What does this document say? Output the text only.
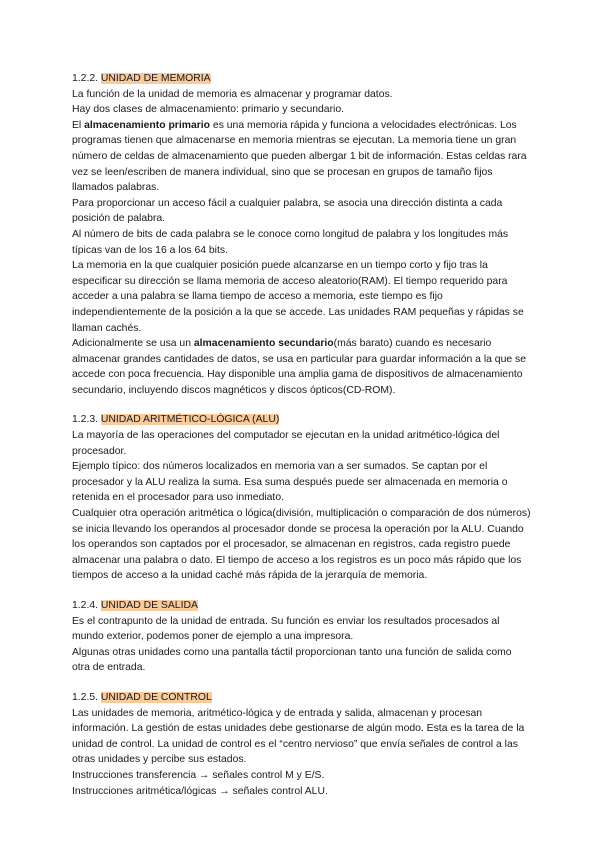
1.2.2. UNIDAD DE MEMORIA

La función de la unidad de memoria es almacenar y programar datos.

Hay dos clases de almacenamiento: primario y secundario.

El almacenamiento primario es una memoria rápida y funciona a velocidades electrónicas. Los programas tienen que almacenarse en memoria mientras se ejecutan. La memoria tiene un gran número de celdas de almacenamiento que pueden albergar 1 bit de información. Estas celdas rara vez se leen/escriben de manera individual, sino que se procesan en grupos de tamaño fijos llamados palabras.

Para proporcionar un acceso fácil a cualquier palabra, se asocia una dirección distinta a cada posición de palabra.

Al número de bits de cada palabra se le conoce como longitud de palabra y los longitudes más típicas van de los 16 a los 64 bits.

La memoria en la que cualquier posición puede alcanzarse en un tiempo corto y fijo tras la especificar su dirección se llama memoria de acceso aleatorio(RAM). El tiempo requerido para acceder a una palabra se llama tiempo de acceso a memoria, este tiempo es fijo independientemente de la posición a la que se accede. Las unidades RAM pequeñas y rápidas se llaman cachés.

Adicionalmente se usa un almacenamiento secundario(más barato) cuando es necesario almacenar grandes cantidades de datos, se usa en particular para guardar información a la que se accede con poca frecuencia. Hay disponible una amplia gama de dispositivos de almacenamiento secundario, incluyendo discos magnéticos y discos ópticos(CD-ROM).

1.2.3. UNIDAD ARITMÉTICO-LÓGICA (ALU)

La mayoría de las operaciones del computador se ejecutan en la unidad aritmético-lógica del procesador.

Ejemplo típico: dos números localizados en memoria van a ser sumados. Se captan por el procesador y la ALU realiza la suma. Esa suma después puede ser almacenada en memoria o retenida en el procesador para uso inmediato.

Cualquier otra operación aritmética o lógica(división, multiplicación o comparación de dos números) se inicia llevando los operandos al procesador donde se procesa la operación por la ALU. Cuando los operandos son captados por el procesador, se almacenan en registros, cada registro puede almacenar una palabra o dato. El tiempo de acceso a los registros es un poco más rápido que los tiempos de acceso a la unidad caché más rápida de la jerarquía de memoria.

1.2.4. UNIDAD DE SALIDA

Es el contrapunto de la unidad de entrada. Su función es enviar los resultados procesados al mundo exterior, podemos poner de ejemplo a una impresora.

Algunas otras unidades como una pantalla táctil proporcionan tanto una función de salida como otra de entrada.

1.2.5. UNIDAD DE CONTROL

Las unidades de memoria, aritmético-lógica y de entrada y salida, almacenan y procesan información. La gestión de estas unidades debe gestionarse de algún modo. Esta es la tarea de la unidad de control. La unidad de control es el “centro nervioso” que envía señales de control a las otras unidades y percibe sus estados.

Instrucciones transferencia → señales control M y E/S.

Instrucciones aritmética/lógicas → señales control ALU.
